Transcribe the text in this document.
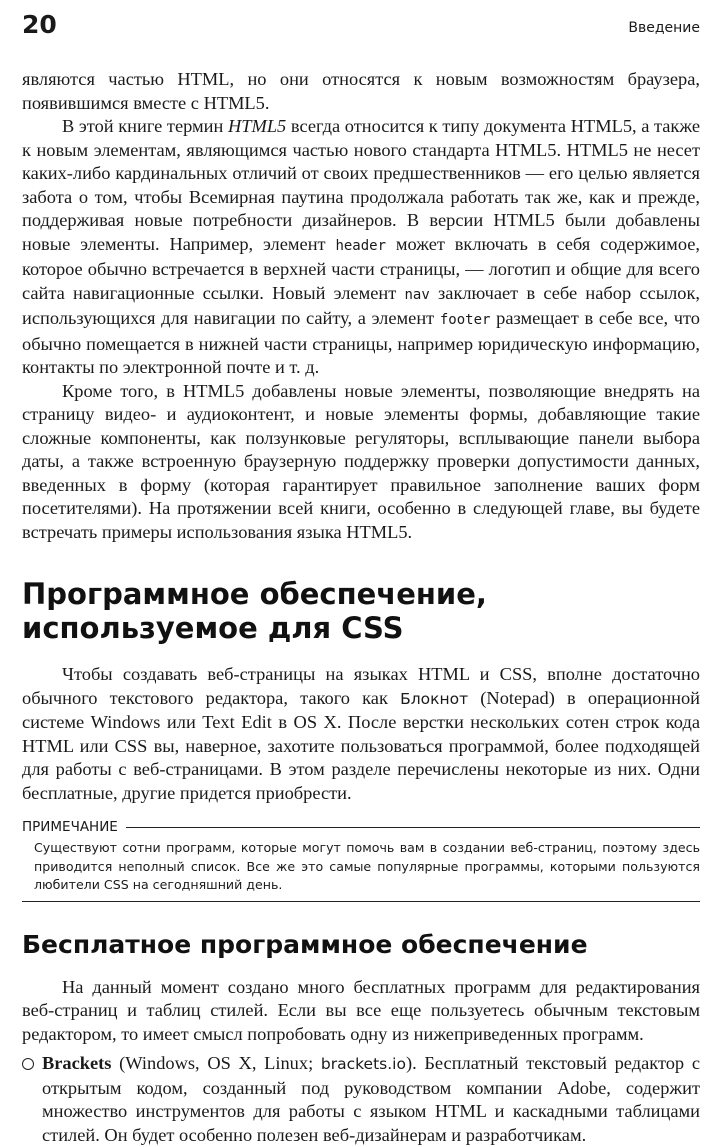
20	Введение

являются частью HTML, но они относятся к новым возможностям браузера, появившимся вместе с HTML5.

В этой книге термин HTML5 всегда относится к типу документа HTML5, а также к новым элементам, являющимся частью нового стандарта HTML5. HTML5 не несет каких-либо кардинальных отличий от своих предшественников — его целью является забота о том, чтобы Всемирная паутина продолжала работать так же, как и прежде, поддерживая новые потребности дизайнеров. В версии HTML5 были добавлены новые элементы. Например, элемент header может включать в себя содержимое, которое обычно встречается в верхней части страницы, — логотип и общие для всего сайта навигационные ссылки. Новый элемент nav заключает в себе набор ссылок, использующихся для навигации по сайту, а элемент footer размещает в себе все, что обычно помещается в нижней части страницы, например юридическую информацию, контакты по электронной почте и т. д.

Кроме того, в HTML5 добавлены новые элементы, позволяющие внедрять на страницу видео- и аудиоконтент, и новые элементы формы, добавляющие такие сложные компоненты, как ползунковые регуляторы, всплывающие панели выбора даты, а также встроенную браузерную поддержку проверки допустимости данных, введенных в форму (которая гарантирует правильное заполнение ваших форм посетителями). На протяжении всей книги, особенно в следующей главе, вы будете встречать примеры использования языка HTML5.

Программное обеспечение,
используемое для CSS

Чтобы создавать веб-страницы на языках HTML и CSS, вполне достаточно обычного текстового редактора, такого как Блокнот (Notepad) в операционной системе Windows или Text Edit в OS X. После верстки нескольких сотен строк кода HTML или CSS вы, наверное, захотите пользоваться программой, более подходящей для работы с веб-страницами. В этом разделе перечислены некоторые из них. Одни бесплатные, другие придется приобрести.

ПРИМЕЧАНИЕ
Существуют сотни программ, которые могут помочь вам в создании веб-страниц, поэтому здесь приводится неполный список. Все же это самые популярные программы, которыми пользуются любители CSS на сегодняшний день.
Бесплатное программное обеспечение

На данный момент создано много бесплатных программ для редактирования веб-страниц и таблиц стилей. Если вы все еще пользуетесь обычным текстовым редактором, то имеет смысл попробовать одну из нижеприведенных программ.

Brackets (Windows, OS X, Linux; brackets.io). Бесплатный текстовый редактор с открытым кодом, созданный под руководством компании Adobe, содержит множество инструментов для работы с языком HTML и каскадными таблицами стилей. Он будет особенно полезен веб-дизайнерам и разработчикам.
